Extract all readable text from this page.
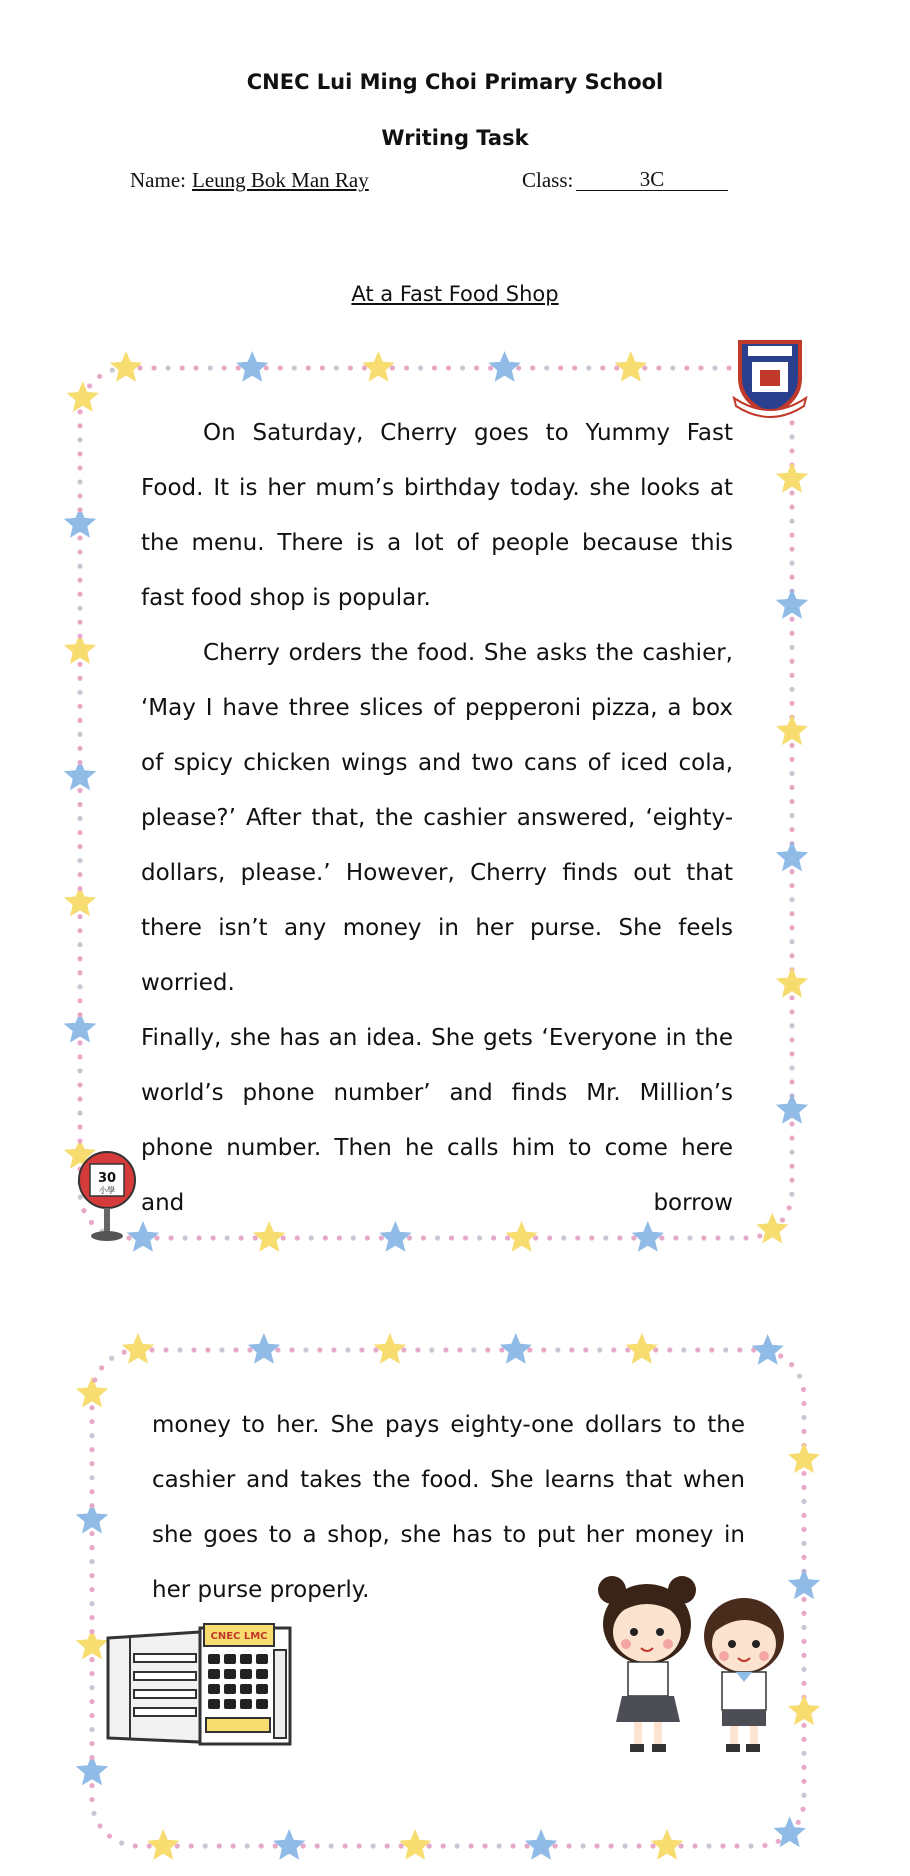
CNEC Lui Ming Choi Primary School
Writing Task
Name: Leung Bok Man Ray	Class:	3C
At a Fast Food Shop
30
小學
On Saturday, Cherry goes to Yummy Fast Food. It is her mum’s birthday today. she looks at the menu. There is a lot of people because this fast food shop is popular.
Cherry orders the food. She asks the cashier, ‘May I have three slices of pepperoni pizza, a box of spicy chicken wings and two cans of iced cola, please?’ After that, the cashier answered, ‘eighty-dollars, please.’ However, Cherry finds out that there isn’t any money in her purse. She feels worried.
Finally, she has an idea. She gets ‘Everyone in the world’s phone number’ and finds Mr. Million’s phone number. Then he calls him to come here and borrow
money to her. She pays eighty-one dollars to the cashier and takes the food. She learns that when she goes to a shop, she has to put her money in her purse properly.
CNEC LMC
